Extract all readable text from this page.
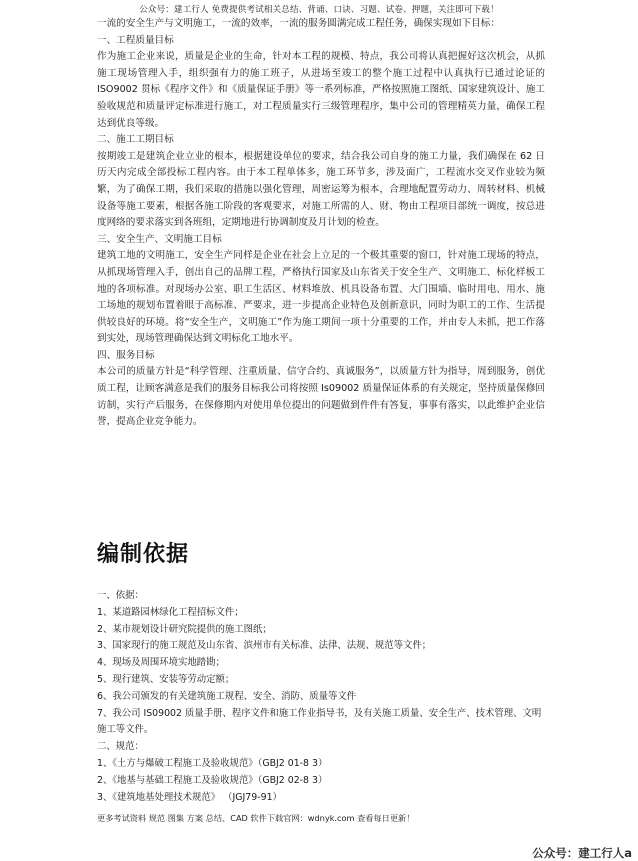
公众号：建工行人 免费提供考试相关总结、背诵、口诀、习题、试卷、押题，关注即可下载！

一流的安全生产与文明施工，一流的效率，一流的服务圆满完成工程任务，确保实现如下目标：

一、工程质量目标

作为施工企业来说，质量是企业的生命，针对本工程的规模、特点，我公司将认真把握好这次机会，从抓施工现场管理入手，组织强有力的施工班子，从进场至竣工的整个施工过程中认真执行已通过论证的 ISO9002 贯标《程序文件》和《质量保证手册》等一系列标准，严格按照施工图纸、国家建筑设计、施工验收规范和质量评定标准进行施工，对工程质量实行三级管理程序，集中公司的管理精英力量，确保工程达到优良等级。

二、施工工期目标

按期竣工是建筑企业立业的根本，根据建设单位的要求，结合我公司自身的施工力量，我们确保在 62 日历天内完成全部投标工程内容。由于本工程单体多，施工环节多，涉及面广，工程流水交叉作业较为频繁，为了确保工期，我们采取的措施以强化管理，周密运筹为根本，合理地配置劳动力、周转材料、机械设备等施工要素，根据各施工阶段的客观要求，对施工所需的人、财、物由工程项目部统一调度，按总进度网络的要求落实到各班组，定期地进行协调制度及月计划的检查。

三、安全生产、文明施工目标

建筑工地的文明施工，安全生产同样是企业在社会上立足的一个极其重要的窗口，针对施工现场的特点，从抓现场管理入手，创出自己的品牌工程，严格执行国家及山东省关于安全生产、文明施工、标化样板工地的各项标准。对现场办公室、职工生活区、材料堆放、机具设备布置、大门围墙、临时用电、用水、施工场地的规划布置着眼于高标准、严要求，进一步提高企业特色及创新意识，同时为职工的工作、生活提供较良好的环境。将“安全生产，文明施工”作为施工期间一项十分重要的工作，并由专人未抓，把工作落到实处，现场管理确保达到文明标化工地水平。

四、服务目标

本公司的质量方针是“科学管理、注重质量、信守合约、真诚服务”，以质量方针为指导，周到服务，创优质工程，让顾客满意是我们的服务目标我公司将按照 Is09002 质量保证体系的有关规定，坚持质量保修回访制，实行产后服务，在保修期内对使用单位提出的问题做到件件有答复，事事有落实，以此维护企业信誉，提高企业竞争能力。

编制依据

一、依据：

1、某道路园林绿化工程招标文件；

2、某市规划设计研究院提供的施工图纸；

3、国家现行的施工规范及山东省、滨州市有关标准、法律、法规、规范等文件；

4、现场及周围环境实地踏勘；

5、现行建筑、安装等劳动定额；

6、我公司颁发的有关建筑施工规程、安全、消防、质量等文件

7、我公司 IS09002 质量手册、程序文件和施工作业指导书，及有关施工质量、安全生产、技术管理、文明施工等文件。

二、规范：

1、《土方与爆破工程施工及验收规范》（GBJ2 01-8 3）

2、《地基与基础工程施工及验收规范》（GBJ2 02-8 3）

3、《建筑地基处理技术规范》 （JGJ79-91）

更多考试资料 规范 图集 方案 总结、CAD 软件下载官网：wdnyk.com 查看每日更新！
公众号：建工行人a
